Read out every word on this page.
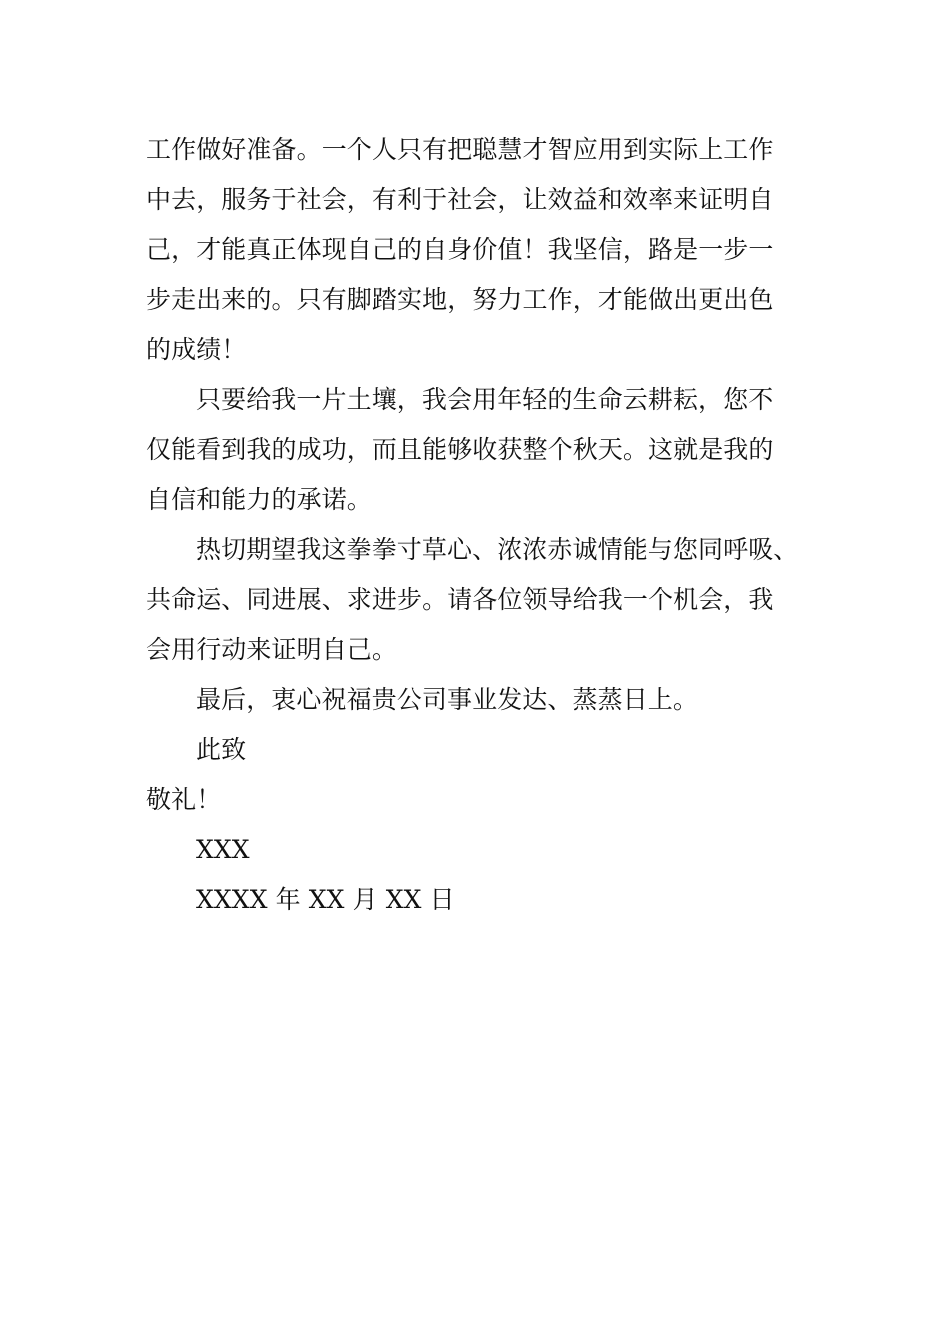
工作做好准备。一个人只有把聪慧才智应用到实际上工作
中去，服务于社会，有利于社会，让效益和效率来证明自
己，才能真正体现自己的自身价值！我坚信，路是一步一
步走出来的。只有脚踏实地，努力工作，才能做出更出色
的成绩！
只要给我一片土壤，我会用年轻的生命云耕耘，您不
仅能看到我的成功，而且能够收获整个秋天。这就是我的
自信和能力的承诺。
热切期望我这拳拳寸草心、浓浓赤诚情能与您同呼吸、
共命运、同进展、求进步。请各位领导给我一个机会，我
会用行动来证明自己。
最后，衷心祝福贵公司事业发达、蒸蒸日上。
此致
敬礼！
XXX
XXXX 年 XX 月 XX 日
